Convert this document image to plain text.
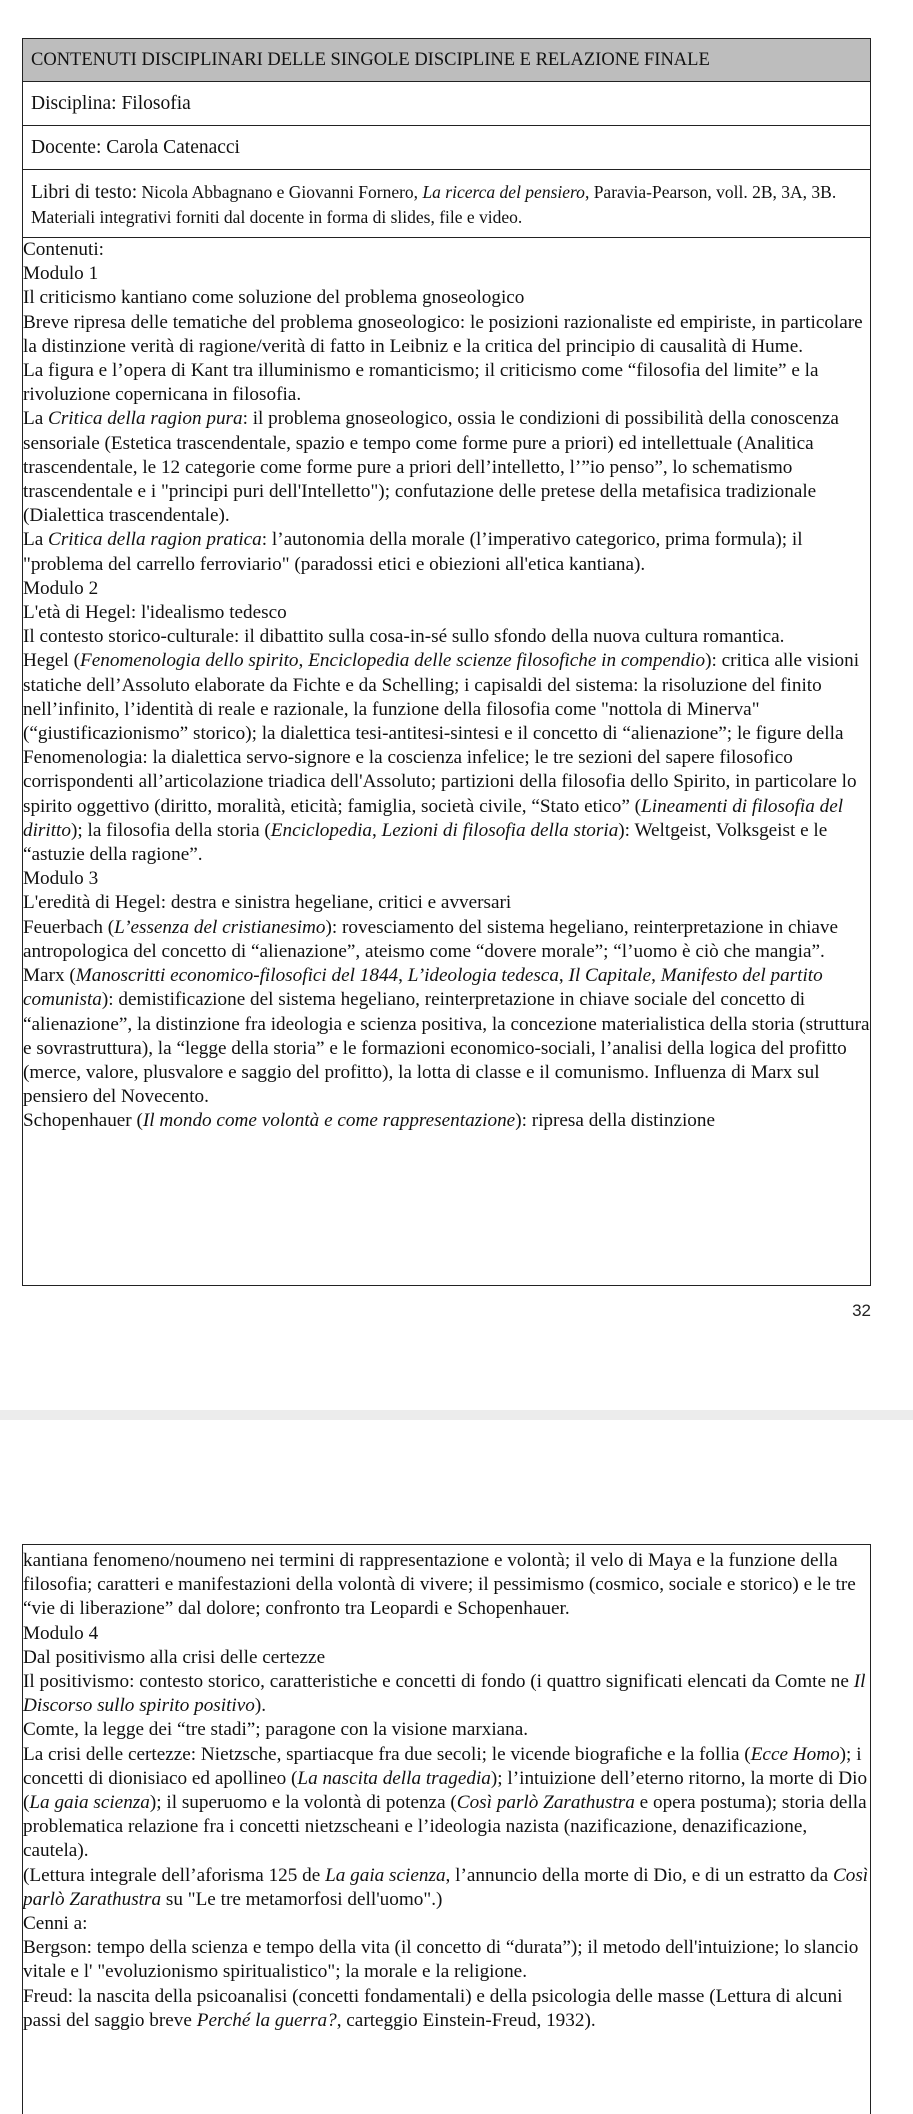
CONTENUTI DISCIPLINARI DELLE SINGOLE DISCIPLINE E RELAZIONE FINALE
Disciplina: Filosofia
Docente: Carola Catenacci
Libri di testo: Nicola Abbagnano e Giovanni Fornero, La ricerca del pensiero, Paravia-Pearson, voll. 2B, 3A, 3B. Materiali integrativi forniti dal docente in forma di slides, file e video.

Contenuti:

Modulo 1

Il criticismo kantiano come soluzione del problema gnoseologico

Breve ripresa delle tematiche del problema gnoseologico: le posizioni razionaliste ed empiriste, in particolare la distinzione verità di ragione/verità di fatto in Leibniz e la critica del principio di causalità di Hume.

La figura e l’opera di Kant tra illuminismo e romanticismo; il criticismo come “filosofia del limite” e la rivoluzione copernicana in filosofia.

La Critica della ragion pura: il problema gnoseologico, ossia le condizioni di possibilità della conoscenza sensoriale (Estetica trascendentale, spazio e tempo come forme pure a priori) ed intellettuale (Analitica trascendentale, le 12 categorie come forme pure a priori dell’intelletto, l’”io penso”, lo schematismo trascendentale e i "principi puri dell'Intelletto"); confutazione delle pretese della metafisica tradizionale (Dialettica trascendentale).

La Critica della ragion pratica: l’autonomia della morale (l’imperativo categorico, prima formula); il "problema del carrello ferroviario" (paradossi etici e obiezioni all'etica kantiana).

Modulo 2

L'età di Hegel: l'idealismo tedesco

Il contesto storico-culturale: il dibattito sulla cosa-in-sé sullo sfondo della nuova cultura romantica.

Hegel (Fenomenologia dello spirito, Enciclopedia delle scienze filosofiche in compendio): critica alle visioni statiche dell’Assoluto elaborate da Fichte e da Schelling; i capisaldi del sistema: la risoluzione del finito nell’infinito, l’identità di reale e razionale, la funzione della filosofia come "nottola di Minerva" (“giustificazionismo” storico); la dialettica tesi-antitesi-sintesi e il concetto di “alienazione”; le figure della Fenomenologia: la dialettica servo-signore e la coscienza infelice; le tre sezioni del sapere filosofico corrispondenti all’articolazione triadica dell'Assoluto; partizioni della filosofia dello Spirito, in particolare lo spirito oggettivo (diritto, moralità, eticità; famiglia, società civile, “Stato etico” (Lineamenti di filosofia del diritto); la filosofia della storia (Enciclopedia, Lezioni di filosofia della storia): Weltgeist, Volksgeist e le “astuzie della ragione”.

Modulo 3

L'eredità di Hegel: destra e sinistra hegeliane, critici e avversari

Feuerbach (L’essenza del cristianesimo): rovesciamento del sistema hegeliano, reinterpretazione in chiave antropologica del concetto di “alienazione”, ateismo come “dovere morale”; “l’uomo è ciò che mangia”. Marx (Manoscritti economico-filosofici del 1844, L’ideologia tedesca, Il Capitale, Manifesto del partito comunista): demistificazione del sistema hegeliano, reinterpretazione in chiave sociale del concetto di “alienazione”, la distinzione fra ideologia e scienza positiva, la concezione materialistica della storia (struttura e sovrastruttura), la “legge della storia” e le formazioni economico-sociali, l’analisi della logica del profitto (merce, valore, plusvalore e saggio del profitto), la lotta di classe e il comunismo. Influenza di Marx sul pensiero del Novecento.

Schopenhauer (Il mondo come volontà e come rappresentazione): ripresa della distinzione

32

kantiana fenomeno/noumeno nei termini di rappresentazione e volontà; il velo di Maya e la funzione della filosofia; caratteri e manifestazioni della volontà di vivere; il pessimismo (cosmico, sociale e storico) e le tre “vie di liberazione” dal dolore; confronto tra Leopardi e Schopenhauer.

Modulo 4

Dal positivismo alla crisi delle certezze

Il positivismo: contesto storico, caratteristiche e concetti di fondo (i quattro significati elencati da Comte ne Il Discorso sullo spirito positivo).

Comte, la legge dei “tre stadi”; paragone con la visione marxiana.

La crisi delle certezze: Nietzsche, spartiacque fra due secoli; le vicende biografiche e la follia (Ecce Homo); i concetti di dionisiaco ed apollineo (La nascita della tragedia); l’intuizione dell’eterno ritorno, la morte di Dio (La gaia scienza); il superuomo e la volontà di potenza (Così parlò Zarathustra e opera postuma); storia della problematica relazione fra i concetti nietzscheani e l’ideologia nazista (nazificazione, denazificazione, cautela).

(Lettura integrale dell’aforisma 125 de La gaia scienza, l’annuncio della morte di Dio, e di un estratto da Così parlò Zarathustra su "Le tre metamorfosi dell'uomo".)

Cenni a:

Bergson: tempo della scienza e tempo della vita (il concetto di “durata”); il metodo dell'intuizione; lo slancio vitale e l' "evoluzionismo spiritualistico"; la morale e la religione.

Freud: la nascita della psicoanalisi (concetti fondamentali) e della psicologia delle masse (Lettura di alcuni passi del saggio breve Perché la guerra?, carteggio Einstein-Freud, 1932).
